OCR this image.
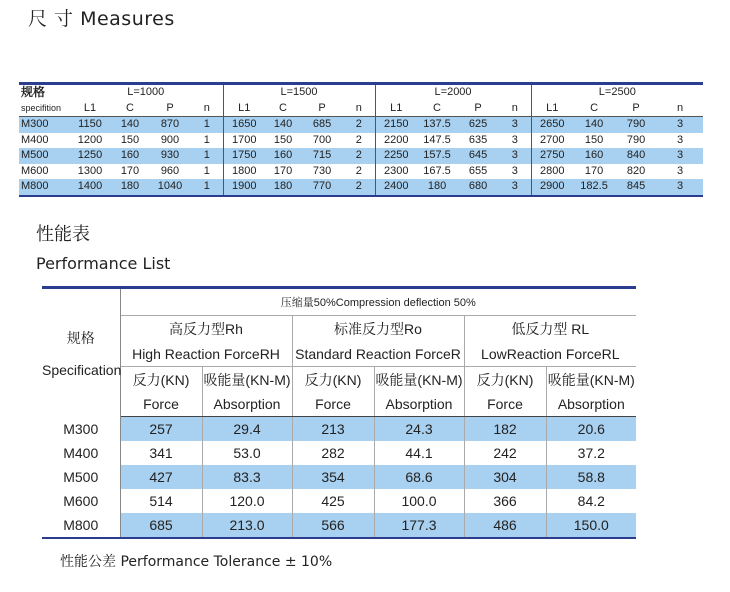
尺 寸 Measures
规格	L=1000				L=1500				L=2000				L=2500			
specifition	L1	C	P	n	L1	C	P	n	L1	C	P	n	L1	C	P	n
M300	1150	140	870	1	1650	140	685	2	2150	137.5	625	3	2650	140	790	3
M400	1200	150	900	1	1700	150	700	2	2200	147.5	635	3	2700	150	790	3
M500	1250	160	930	1	1750	160	715	2	2250	157.5	645	3	2750	160	840	3
M600	1300	170	960	1	1800	170	730	2	2300	167.5	655	3	2800	170	820	3
M800	1400	180	1040	1	1900	180	770	2	2400	180	680	3	2900	182.5	845	3
性能表
Performance List
规格
Specification	压缩量50%Compression deflection 50%					
	高反力型Rh		标准反力型Ro		低反力型 RL	
	High Reaction ForceRH		Standard Reaction ForceR		LowReaction ForceRL	
	反力(KN)	吸能量(KN-M)	反力(KN)	吸能量(KN-M)	反力(KN)	吸能量(KN-M)
	Force	Absorption	Force	Absorption	Force	Absorption
M300	257	29.4	213	24.3	182	20.6
M400	341	53.0	282	44.1	242	37.2
M500	427	83.3	354	68.6	304	58.8
M600	514	120.0	425	100.0	366	84.2
M800	685	213.0	566	177.3	486	150.0
性能公差 Performance Tolerance ± 10%
